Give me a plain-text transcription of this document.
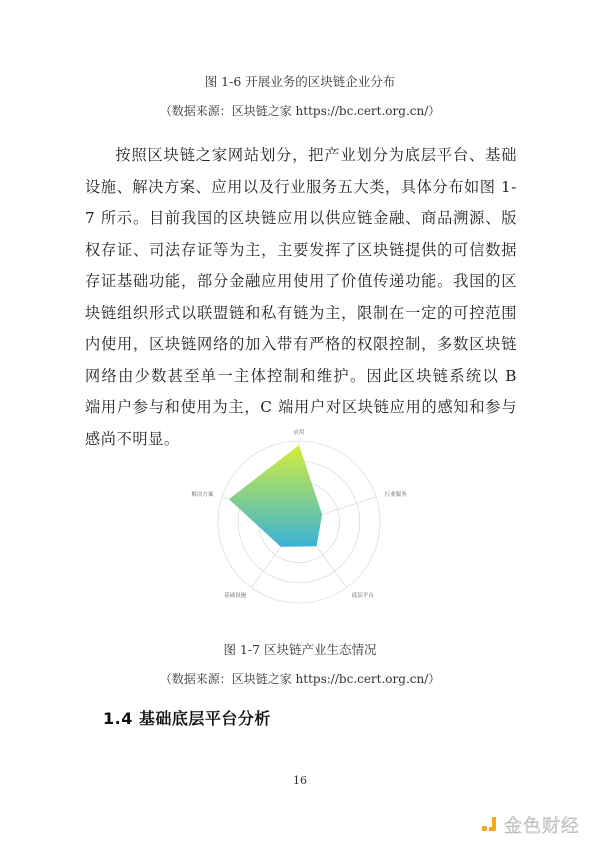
图 1-6 开展业务的区块链企业分布
（数据来源：区块链之家 https://bc.cert.org.cn/）

按照区块链之家网站划分，把产业划分为底层平台、基础设施、解决方案、应用以及行业服务五大类，具体分布如图 1-7 所示。目前我国的区块链应用以供应链金融、商品溯源、版权存证、司法存证等为主，主要发挥了区块链提供的可信数据存证基础功能，部分金融应用使用了价值传递功能。我国的区块链组织形式以联盟链和私有链为主，限制在一定的可控范围内使用，区块链网络的加入带有严格的权限控制，多数区块链网络由少数甚至单一主体控制和维护。因此区块链系统以 B 端用户参与和使用为主，C 端用户对区块链应用的感知和参与感尚不明显。	应用
行业服务
底层平台
基础设施
解决方案
图 1-7 区块链产业生态情况
（数据来源：区块链之家 https://bc.cert.org.cn/）
1.4 基础底层平台分析
16
金色财经
